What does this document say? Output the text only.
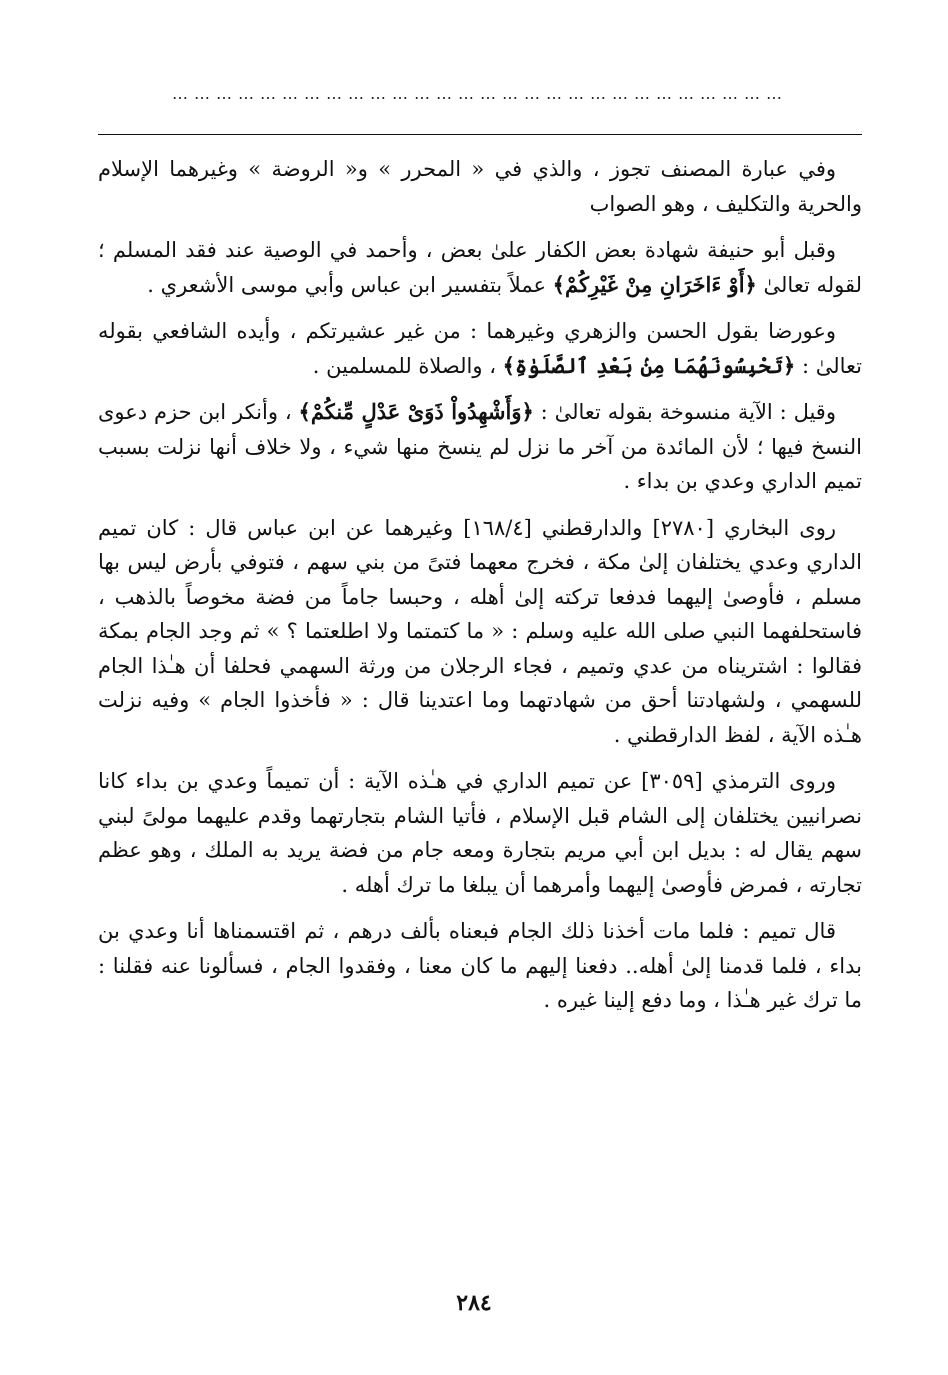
…………………………………………………………………………

وفي عبارة المصنف تجوز ، والذي في « المحرر » و« الروضة » وغيرهما الإسلام والحرية والتكليف ، وهو الصواب

وقبل أبو حنيفة شهادة بعض الكفار علىٰ بعض ، وأحمد في الوصية عند فقد المسلم ؛ لقوله تعالىٰ ﴿أَوْ ءَاخَرَانِ مِنْ غَيْرِكُمْ﴾ عملاً بتفسير ابن عباس وأبي موسى الأشعري .

وعورضا بقول الحسن والزهري وغيرهما : من غير عشيرتكم ، وأيده الشافعي بقوله تعالىٰ : ﴿تَحْبِسُونَهُمَا مِنۢ بَعْدِ ٱلصَّلَوٰةِ﴾ ، والصلاة للمسلمين .

وقيل : الآية منسوخة بقوله تعالىٰ : ﴿وَأَشْهِدُواْ ذَوَىْ عَدْلٍ مِّنكُمْ﴾ ، وأنكر ابن حزم دعوى النسخ فيها ؛ لأن المائدة من آخر ما نزل لم ينسخ منها شيء ، ولا خلاف أنها نزلت بسبب تميم الداري وعدي بن بداء .

روى البخاري [٢٧٨٠] والدارقطني [١٦٨/٤] وغيرهما عن ابن عباس قال : كان تميم الداري وعدي يختلفان إلىٰ مكة ، فخرج معهما فتىً من بني سهم ، فتوفي بأرض ليس بها مسلم ، فأوصىٰ إليهما فدفعا تركته إلىٰ أهله ، وحبسا جاماً من فضة مخوصاً بالذهب ، فاستحلفهما النبي صلى الله عليه وسلم : « ما كتمتما ولا اطلعتما ؟ » ثم وجد الجام بمكة فقالوا : اشتريناه من عدي وتميم ، فجاء الرجلان من ورثة السهمي فحلفا أن هـٰذا الجام للسهمي ، ولشهادتنا أحق من شهادتهما وما اعتدينا قال : « فأخذوا الجام » وفيه نزلت هـٰذه الآية ، لفظ الدارقطني .

وروى الترمذي [٣٠٥٩] عن تميم الداري في هـٰذه الآية : أن تميماً وعدي بن بداء كانا نصرانيين يختلفان إلى الشام قبل الإسلام ، فأتيا الشام بتجارتهما وقدم عليهما مولىً لبني سهم يقال له : بديل ابن أبي مريم بتجارة ومعه جام من فضة يريد به الملك ، وهو عظم تجارته ، فمرض فأوصىٰ إليهما وأمرهما أن يبلغا ما ترك أهله .

قال تميم : فلما مات أخذنا ذلك الجام فبعناه بألف درهم ، ثم اقتسمناها أنا وعدي بن بداء ، فلما قدمنا إلىٰ أهله.. دفعنا إليهم ما كان معنا ، وفقدوا الجام ، فسألونا عنه فقلنا : ما ترك غير هـٰذا ، وما دفع إلينا غيره .

٢٨٤
